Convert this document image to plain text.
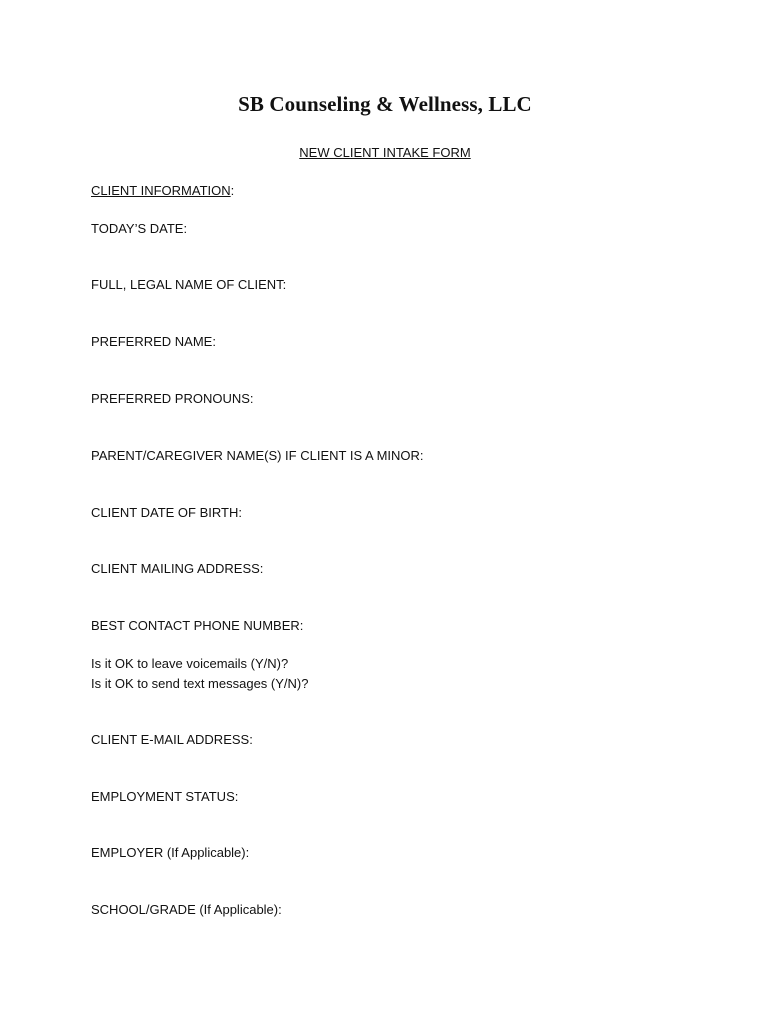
SB Counseling & Wellness, LLC
NEW CLIENT INTAKE FORM
CLIENT INFORMATION:
TODAY’S DATE:
FULL, LEGAL NAME OF CLIENT:
PREFERRED NAME:
PREFERRED PRONOUNS:
PARENT/CAREGIVER NAME(S) IF CLIENT IS A MINOR:
CLIENT DATE OF BIRTH:
CLIENT MAILING ADDRESS:
BEST CONTACT PHONE NUMBER:
Is it OK to leave voicemails (Y/N)?
Is it OK to send text messages (Y/N)?
CLIENT E-MAIL ADDRESS:
EMPLOYMENT STATUS:
EMPLOYER (If Applicable):
SCHOOL/GRADE (If Applicable):
